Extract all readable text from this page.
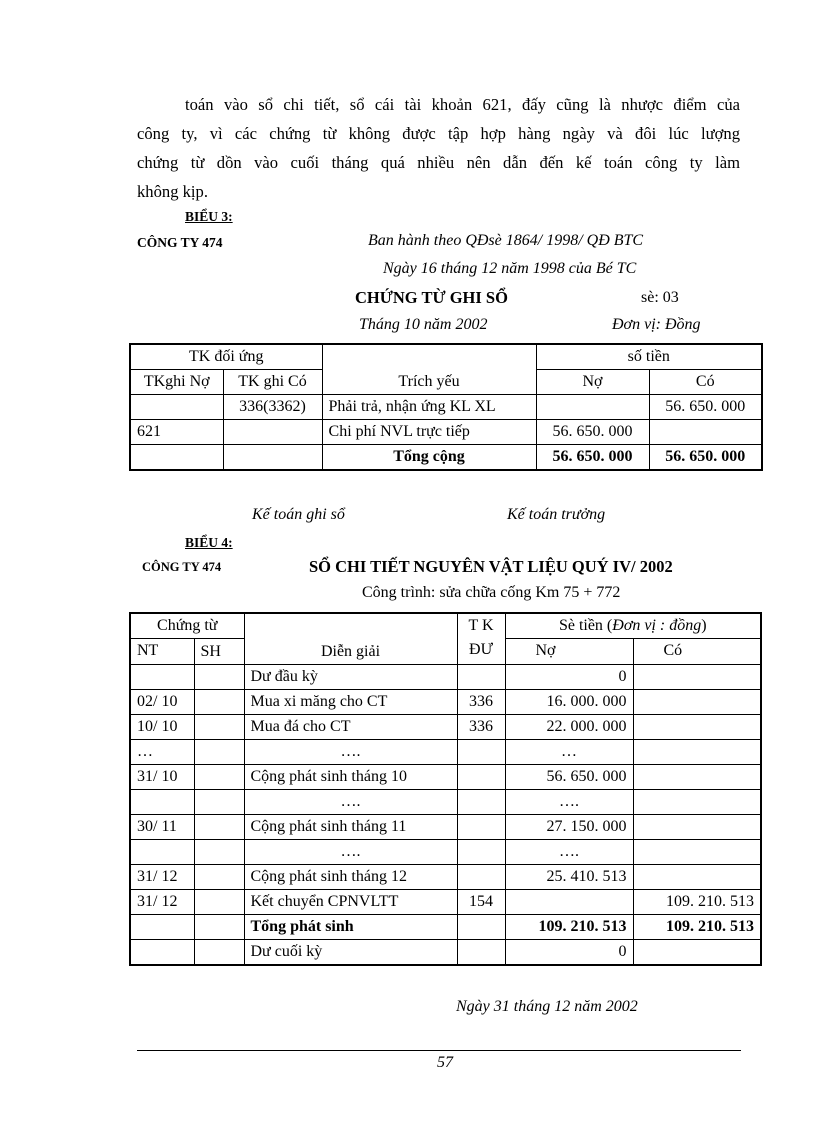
toán vào sổ chi tiết, sổ cái tài khoản 621, đấy cũng là nhược điểm của
công ty, vì các chứng từ không được tập hợp hàng ngày và đôi lúc lượng
chứng từ dồn vào cuối tháng quá nhiều nên dẫn đến kế toán công ty làm
không kịp.
BIỂU 3:
CÔNG TY 474	Ban hành theo QĐsè 1864/ 1998/ QĐ BTC
Ngày 16 tháng 12 năm 1998 của Bé TC
CHỨNG TỪ GHI SỔ	sè: 03
Tháng 10 năm 2002	Đơn vị: Đồng
TK đối ứng		Trích yếu	số tiền	
TKghi Nợ	TK ghi Có		Nợ	Có
	336(3362)	Phải trả, nhận ứng KL XL		56. 650. 000
621		Chi phí NVL trực tiếp	56. 650. 000	
		Tổng cộng	56. 650. 000	56. 650. 000
Kế toán ghi sổ	Kế toán trưởng
BIỂU 4:
CÔNG TY 474	SỔ CHI TIẾT NGUYÊN VẬT LIỆU QUÝ IV/ 2002
Công trình: sửa chữa cống Km 75 + 772
Chứng từ		Diễn giải	T K
ĐƯ	Sè tiền (Đơn vị : đồng)	
NT	SH			Nợ	Có

		Dư đầu kỳ		0	
02/ 10		Mua xi măng cho CT	336	16. 000. 000	
10/ 10		Mua đá cho CT	336	22. 000. 000	
…		….		…	
31/ 10		Cộng phát sinh tháng 10		56. 650. 000	
		….		….	
30/ 11		Cộng phát sinh tháng 11		27. 150. 000	
		….		….	
31/ 12		Cộng phát sinh tháng 12		25. 410. 513	
31/ 12		Kết chuyển CPNVLTT	154		109. 210. 513
		Tổng phát sinh		109. 210. 513	109. 210. 513
		Dư cuối kỳ		0	
Ngày 31 tháng 12 năm 2002
57
